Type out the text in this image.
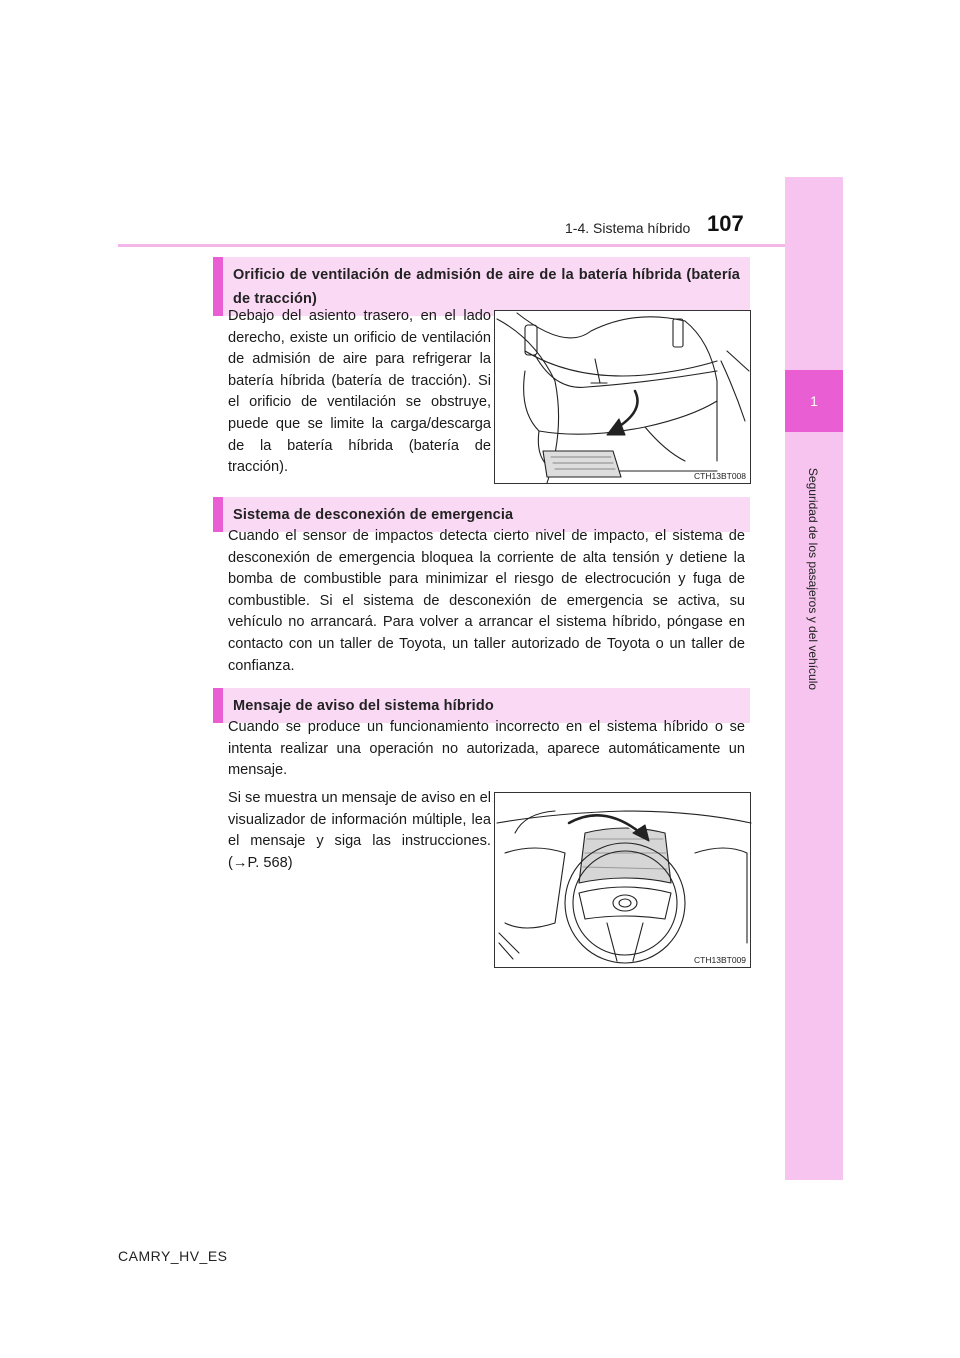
1
Seguridad de los pasajeros y del vehículo
1-4. Sistema híbrido 107
Orificio de ventilación de admisión de aire de la batería híbrida (batería de tracción)

Debajo del asiento trasero, en el lado derecho, existe un orificio de ventilación de admisión de aire para refrigerar la batería híbrida (batería de tracción). Si el orificio de ventilación se obstruye, puede que se limite la carga/descarga de la batería híbrida (batería de tracción).

CTH13BT008
Sistema de desconexión de emergencia

Cuando el sensor de impactos detecta cierto nivel de impacto, el sistema de desconexión de emergencia bloquea la corriente de alta tensión y detiene la bomba de combustible para minimizar el riesgo de electrocución y fuga de combustible. Si el sistema de desconexión de emergencia se activa, su vehículo no arrancará. Para volver a arrancar el sistema híbrido, póngase en contacto con un taller de Toyota, un taller autorizado de Toyota o un taller de confianza.

Mensaje de aviso del sistema híbrido

Cuando se produce un funcionamiento incorrecto en el sistema híbrido o se intenta realizar una operación no autorizada, aparece automáticamente un mensaje.

Si se muestra un mensaje de aviso en el visualizador de información múltiple, lea el mensaje y siga las instrucciones. (→P. 568)

CTH13BT009
CAMRY_HV_ES
